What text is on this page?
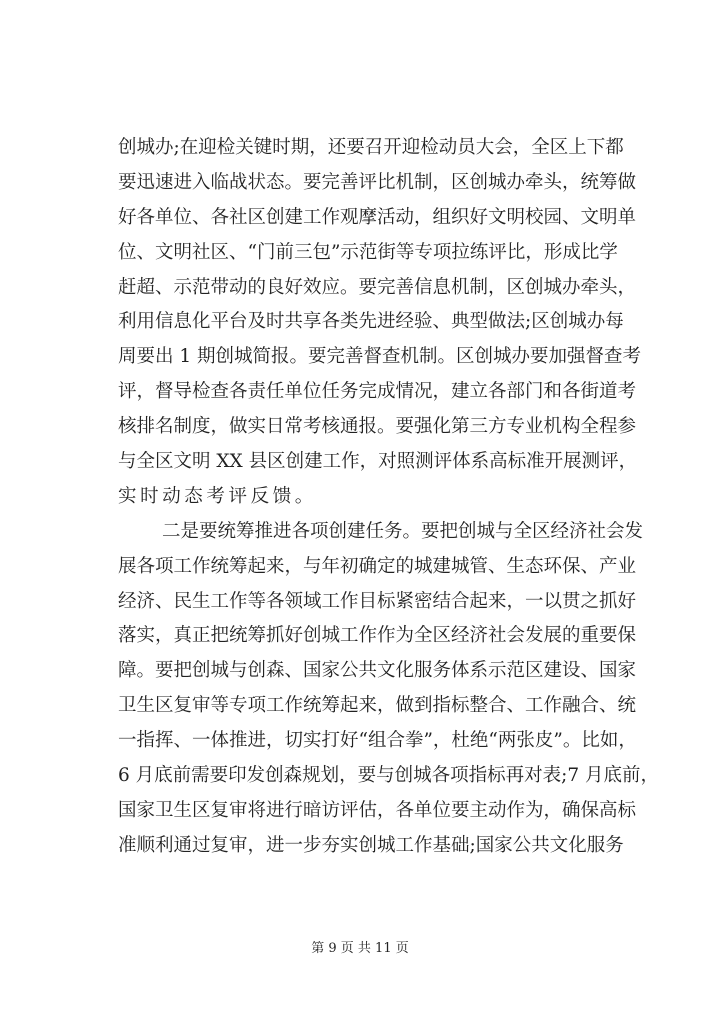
创城办;在迎检关键时期，还要召开迎检动员大会，全区上下都
要迅速进入临战状态。要完善评比机制，区创城办牵头，统筹做
好各单位、各社区创建工作观摩活动，组织好文明校园、文明单
位、文明社区、“门前三包”示范街等专项拉练评比，形成比学
赶超、示范带动的良好效应。要完善信息机制，区创城办牵头，
利用信息化平台及时共享各类先进经验、典型做法;区创城办每
周要出 1 期创城简报。要完善督查机制。区创城办要加强督查考
评，督导检查各责任单位任务完成情况，建立各部门和各街道考
核排名制度，做实日常考核通报。要强化第三方专业机构全程参
与全区文明 XX 县区创建工作，对照测评体系高标准开展测评，
实时动态考评反馈。
二是要统筹推进各项创建任务。要把创城与全区经济社会发
展各项工作统筹起来，与年初确定的城建城管、生态环保、产业
经济、民生工作等各领域工作目标紧密结合起来，一以贯之抓好
落实，真正把统筹抓好创城工作作为全区经济社会发展的重要保
障。要把创城与创森、国家公共文化服务体系示范区建设、国家
卫生区复审等专项工作统筹起来，做到指标整合、工作融合、统
一指挥、一体推进，切实打好“组合拳”，杜绝“两张皮”。比如，
6 月底前需要印发创森规划，要与创城各项指标再对表;7 月底前，
国家卫生区复审将进行暗访评估，各单位要主动作为，确保高标
准顺利通过复审，进一步夯实创城工作基础;国家公共文化服务
第 9 页 共 11 页
